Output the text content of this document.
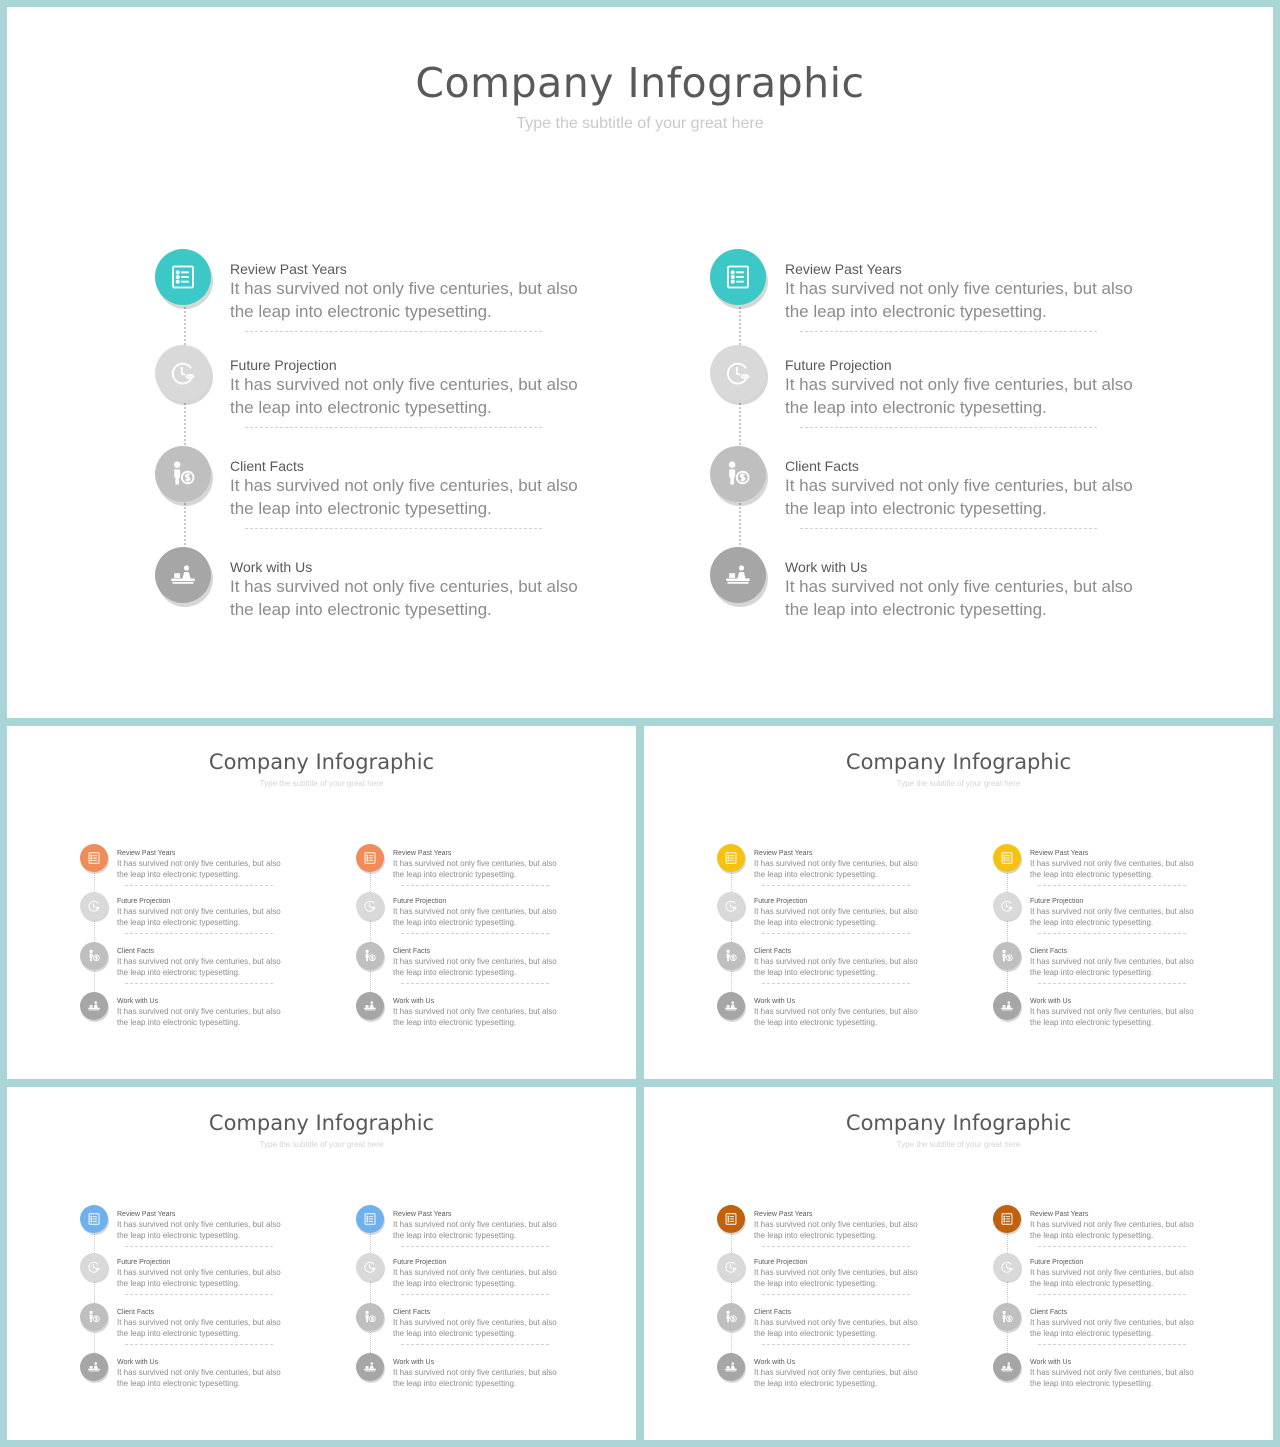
Company Infographic
Type the subtitle of your great here
Review Past Years
It has survived not only five centuries, but also
the leap into electronic typesetting.
Future Projection
It has survived not only five centuries, but also
the leap into electronic typesetting.
Client Facts
It has survived not only five centuries, but also
the leap into electronic typesetting.
Work with Us
It has survived not only five centuries, but also
the leap into electronic typesetting.
Review Past Years
It has survived not only five centuries, but also
the leap into electronic typesetting.
Future Projection
It has survived not only five centuries, but also
the leap into electronic typesetting.
Client Facts
It has survived not only five centuries, but also
the leap into electronic typesetting.
Work with Us
It has survived not only five centuries, but also
the leap into electronic typesetting.
Company Infographic
Type the subtitle of your great here
Review Past Years
It has survived not only five centuries, but also
the leap into electronic typesetting.
Future Projection
It has survived not only five centuries, but also
the leap into electronic typesetting.
Client Facts
It has survived not only five centuries, but also
the leap into electronic typesetting.
Work with Us
It has survived not only five centuries, but also
the leap into electronic typesetting.
Review Past Years
It has survived not only five centuries, but also
the leap into electronic typesetting.
Future Projection
It has survived not only five centuries, but also
the leap into electronic typesetting.
Client Facts
It has survived not only five centuries, but also
the leap into electronic typesetting.
Work with Us
It has survived not only five centuries, but also
the leap into electronic typesetting.
Company Infographic
Type the subtitle of your great here
Review Past Years
It has survived not only five centuries, but also
the leap into electronic typesetting.
Future Projection
It has survived not only five centuries, but also
the leap into electronic typesetting.
Client Facts
It has survived not only five centuries, but also
the leap into electronic typesetting.
Work with Us
It has survived not only five centuries, but also
the leap into electronic typesetting.
Review Past Years
It has survived not only five centuries, but also
the leap into electronic typesetting.
Future Projection
It has survived not only five centuries, but also
the leap into electronic typesetting.
Client Facts
It has survived not only five centuries, but also
the leap into electronic typesetting.
Work with Us
It has survived not only five centuries, but also
the leap into electronic typesetting.
Company Infographic
Type the subtitle of your great here
Review Past Years
It has survived not only five centuries, but also
the leap into electronic typesetting.
Future Projection
It has survived not only five centuries, but also
the leap into electronic typesetting.
Client Facts
It has survived not only five centuries, but also
the leap into electronic typesetting.
Work with Us
It has survived not only five centuries, but also
the leap into electronic typesetting.
Review Past Years
It has survived not only five centuries, but also
the leap into electronic typesetting.
Future Projection
It has survived not only five centuries, but also
the leap into electronic typesetting.
Client Facts
It has survived not only five centuries, but also
the leap into electronic typesetting.
Work with Us
It has survived not only five centuries, but also
the leap into electronic typesetting.
Company Infographic
Type the subtitle of your great here
Review Past Years
It has survived not only five centuries, but also
the leap into electronic typesetting.
Future Projection
It has survived not only five centuries, but also
the leap into electronic typesetting.
Client Facts
It has survived not only five centuries, but also
the leap into electronic typesetting.
Work with Us
It has survived not only five centuries, but also
the leap into electronic typesetting.
Review Past Years
It has survived not only five centuries, but also
the leap into electronic typesetting.
Future Projection
It has survived not only five centuries, but also
the leap into electronic typesetting.
Client Facts
It has survived not only five centuries, but also
the leap into electronic typesetting.
Work with Us
It has survived not only five centuries, but also
the leap into electronic typesetting.
